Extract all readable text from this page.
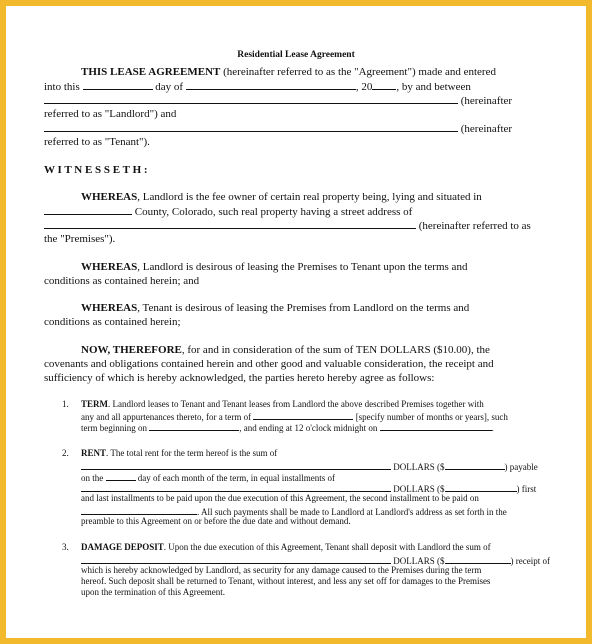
Residential Lease Agreement
THIS LEASE AGREEMENT (hereinafter referred to as the "Agreement") made and entered
into this	day of	, 20 , by and between
(hereinafter
referred to as "Landlord") and
(hereinafter
referred to as "Tenant").
W I T N E S S E T H :
WHEREAS, Landlord is the fee owner of certain real property being, lying and situated in
County, Colorado, such real property having a street address of
(hereinafter referred to as
the "Premises").
WHEREAS, Landlord is desirous of leasing the Premises to Tenant upon the terms and
conditions as contained herein; and
WHEREAS, Tenant is desirous of leasing the Premises from Landlord on the terms and
conditions as contained herein;
NOW, THEREFORE, for and in consideration of the sum of TEN DOLLARS ($10.00), the
covenants and obligations contained herein and other good and valuable consideration, the receipt and
sufficiency of which is hereby acknowledged, the parties hereto hereby agree as follows:
1. TERM. Landlord leases to Tenant and Tenant leases from Landlord the above described Premises together with
any and all appurtenances thereto, for a term of	[specify number of months or years], such
term beginning on	, and ending at 12 o'clock midnight on	.
2. RENT. The total rent for the term hereof is the sum of
DOLLARS ($	) payable
on the	day of each month of the term, in equal installments of
DOLLARS ($	) first
and last installments to be paid upon the due execution of this Agreement, the second installment to be paid on
. All such payments shall be made to Landlord at Landlord's address as set forth in the
preamble to this Agreement on or before the due date and without demand.
3. DAMAGE DEPOSIT. Upon the due execution of this Agreement, Tenant shall deposit with Landlord the sum of
DOLLARS ($	) receipt of
which is hereby acknowledged by Landlord, as security for any damage caused to the Premises during the term
hereof. Such deposit shall be returned to Tenant, without interest, and less any set off for damages to the Premises
upon the termination of this Agreement.
